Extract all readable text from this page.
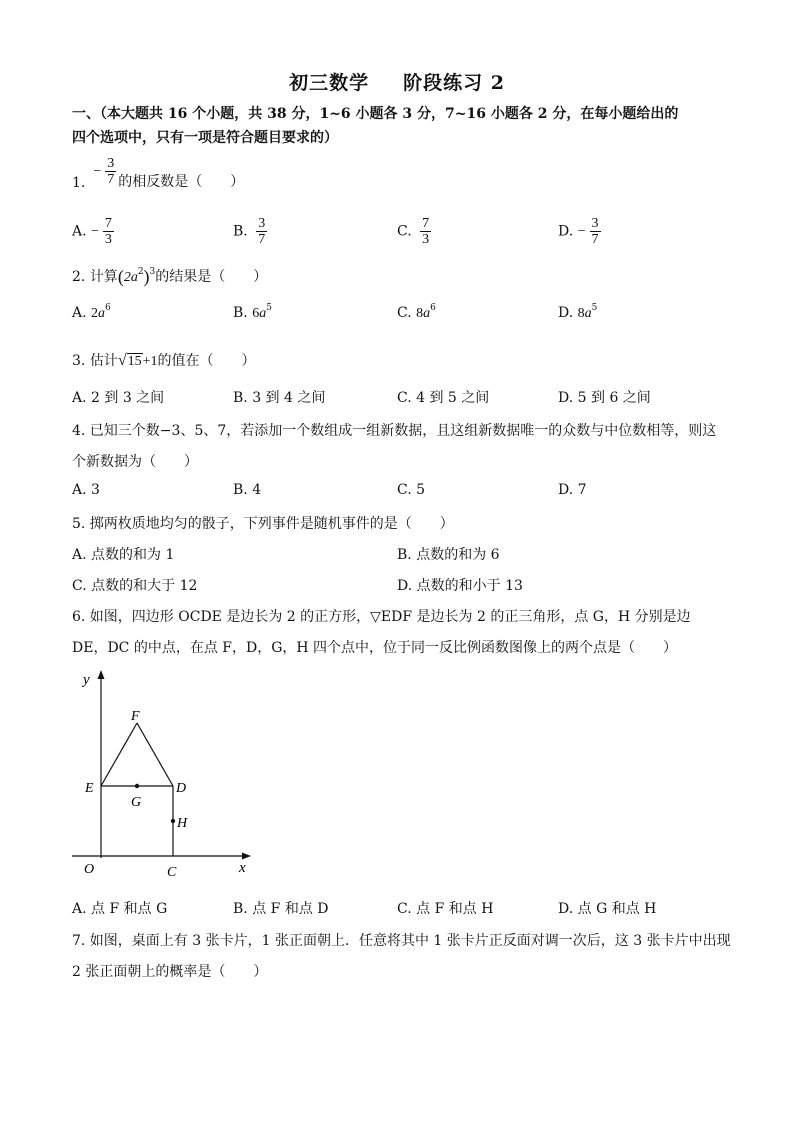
初三数学 阶段练习 2
一、（本大题共 16 个小题，共 38 分，1~6 小题各 3 分，7~16 小题各 2 分，在每小题给出的
四个选项中，只有一项是符合题目要求的）
$1.- \frac{3}{7}$ 的相反数是（　　）
A. − $\frac{7}{3}$	B. $\frac{3}{7}$	C. $\frac{7}{3}$	D. − $\frac{3}{7}$
2. 计算$(2a^2)^3$的结果是（　　）
A. $2a^6$	B. $6a^5$	C. $8a^6$	D. $8a^5$
3. 估计√15+1的值在（　　）
A. 2 到 3 之间	B. 3 到 4 之间	C. 4 到 5 之间	D. 5 到 6 之间
4. 已知三个数−3、5、7，若添加一个数组成一组新数据，且这组新数据唯一的众数与中位数相等，则这
个新数据为（　　）
A. 3	B. 4	C. 5	D. 7
5. 掷两枚质地均匀的骰子，下列事件是随机事件的是（　　）
A. 点数的和为 1	B. 点数的和为 6
C. 点数的和大于 12	D. 点数的和小于 13
6. 如图，四边形 OCDE 是边长为 2 的正方形，▽EDF 是边长为 2 的正三角形，点 G，H 分别是边
DE，DC 的中点，在点 F，D，G，H 四个点中，位于同一反比例函数图像上的两个点是（　　）
y
x
O
F
E	D
G
H
C
A. 点 F 和点 G	B. 点 F 和点 D	C. 点 F 和点 H	D. 点 G 和点 H
7. 如图，桌面上有 3 张卡片，1 张正面朝上．任意将其中 1 张卡片正反面对调一次后，这 3 张卡片中出现
2 张正面朝上的概率是（　　）
